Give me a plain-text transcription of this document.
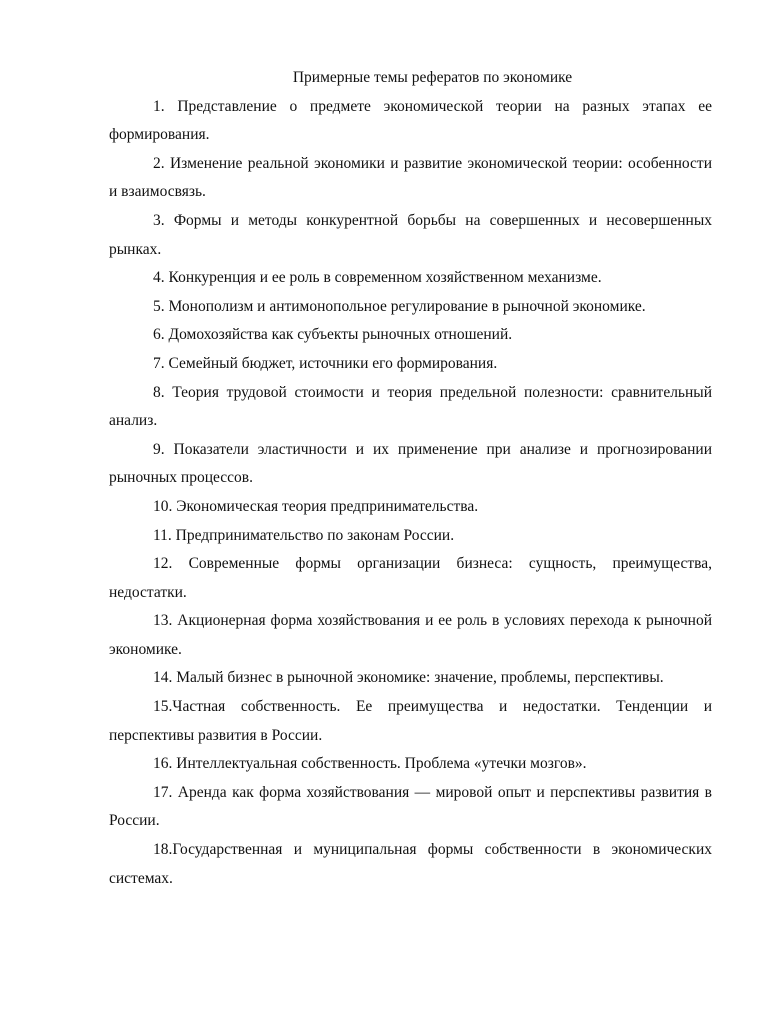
Примерные темы рефератов по экономике
1. Представление о предмете экономической теории на разных этапах ее формирования.
2. Изменение реальной экономики и развитие экономической теории: особенности и взаимосвязь.
3. Формы и методы конкурентной борьбы на совершенных и несовершенных рынках.
4. Конкуренция и ее роль в современном хозяйственном механизме.
5. Монополизм и антимонопольное регулирование в рыночной экономике.
6. Домохозяйства как субъекты рыночных отношений.
7. Семейный бюджет, источники его формирования.
8. Теория трудовой стоимости и теория предельной полезности: сравнительный анализ.
9. Показатели эластичности и их применение при анализе и прогнозировании рыночных процессов.
10. Экономическая теория предпринимательства.
11. Предпринимательство по законам России.
12. Современные формы организации бизнеса: сущность, преимущества, недостатки.
13. Акционерная форма хозяйствования и ее роль в условиях перехода к рыночной экономике.
14. Малый бизнес в рыночной экономике: значение, проблемы, перспективы.
15.Частная собственность. Ее преимущества и недостатки. Тенденции и перспективы развития в России.
16. Интеллектуальная собственность. Проблема «утечки мозгов».
17. Аренда как форма хозяйствования — мировой опыт и перспективы развития в России.
18.Государственная и муниципальная формы собственности в экономических системах.
